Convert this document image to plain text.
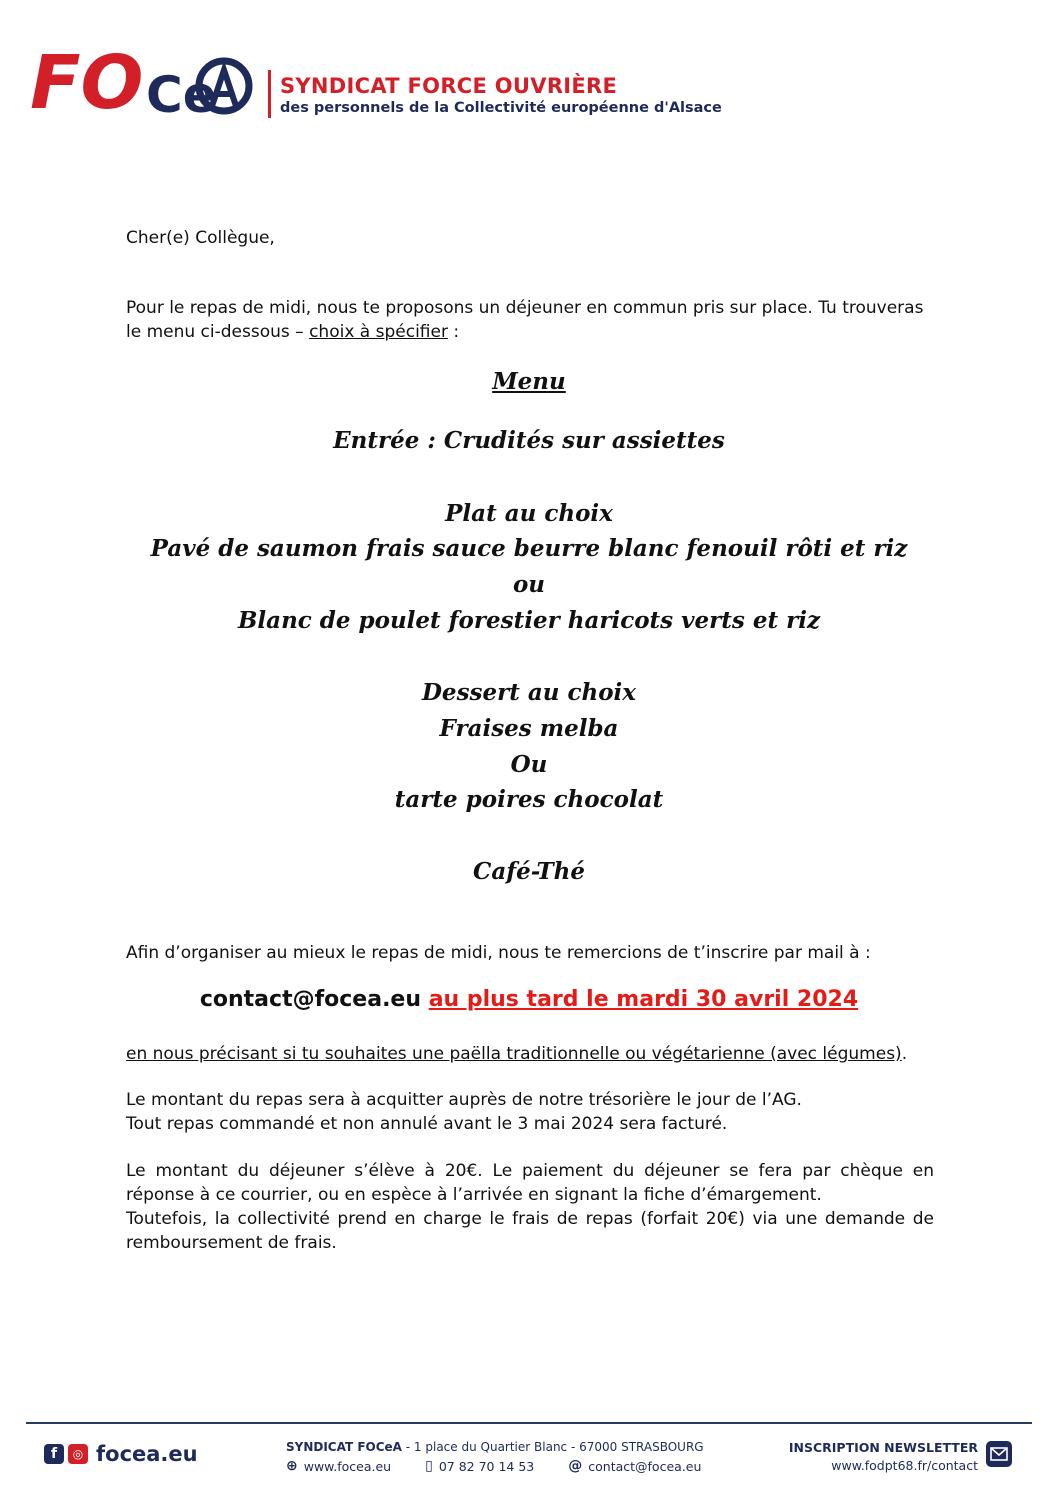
FO Ce	SYNDICAT FORCE OUVRIÈRE
des personnels de la Collectivité européenne d'Alsace
Cher(e) Collègue,
Pour le repas de midi, nous te proposons un déjeuner en commun pris sur place. Tu trouveras le menu ci-dessous – choix à spécifier :
Menu
Entrée : Crudités sur assiettes
Plat au choix
Pavé de saumon frais sauce beurre blanc fenouil rôti et riz
ou
Blanc de poulet forestier haricots verts et riz
Dessert au choix
Fraises melba
Ou
tarte poires chocolat
Café-Thé
Afin d’organiser au mieux le repas de midi, nous te remercions de t’inscrire par mail à :
contact@focea.eu au plus tard le mardi 30 avril 2024
en nous précisant si tu souhaites une paëlla traditionnelle ou végétarienne (avec légumes).
Le montant du repas sera à acquitter auprès de notre trésorière le jour de l’AG.
Tout repas commandé et non annulé avant le 3 mai 2024 sera facturé.
Le montant du déjeuner s’élève à 20€. Le paiement du déjeuner se fera par chèque en réponse à ce courrier, ou en espèce à l’arrivée en signant la fiche d’émargement.
Toutefois, la collectivité prend en charge le frais de repas (forfait 20€) via une demande de remboursement de frais.
f	◎ focea.eu	SYNDICAT FOCeA - 1 place du Quartier Blanc - 67000 STRASBOURG
⊕ www.focea.eu ▯ 07 82 70 14 53 @ contact@focea.eu
INSCRIPTION NEWSLETTER
www.fodpt68.fr/contact
